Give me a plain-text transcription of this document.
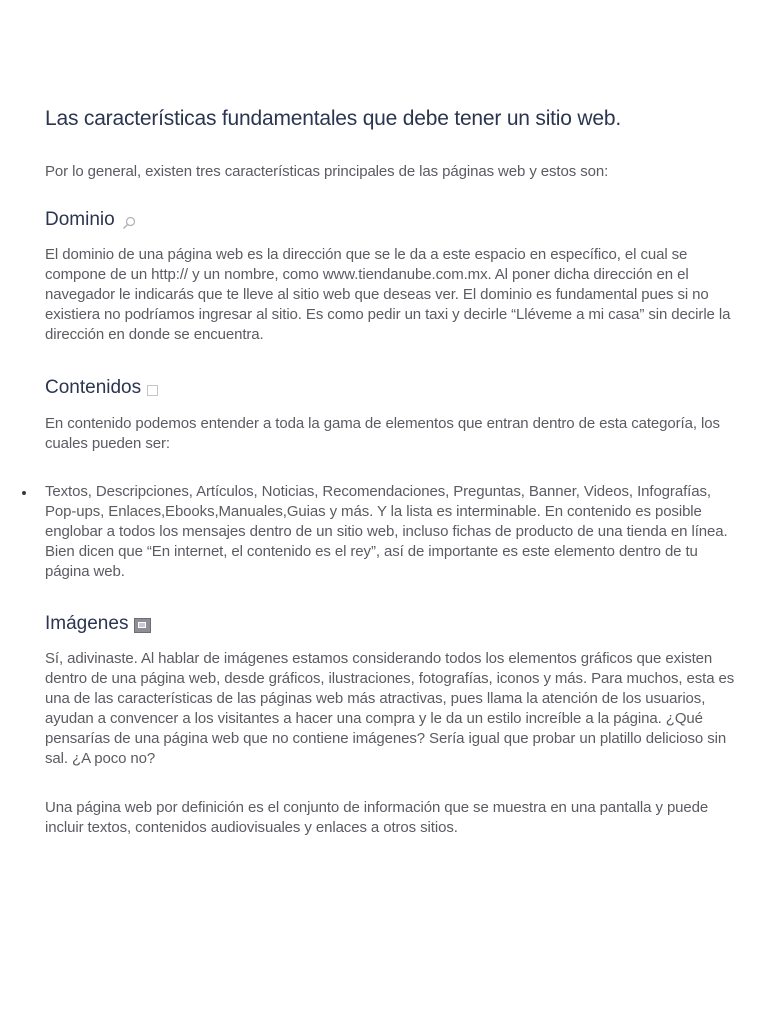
Las características fundamentales que debe tener un sitio web.

Por lo general, existen tres características principales de las páginas web y estos son:

Dominio

El dominio de una página web es la dirección que se le da a este espacio en específico, el cual se compone de un http:// y un nombre, como www.tiendanube.com.mx. Al poner dicha dirección en el navegador le indicarás que te lleve al sitio web que deseas ver. El dominio es fundamental pues si no existiera no podríamos ingresar al sitio. Es como pedir un taxi y decirle “Lléveme a mi casa” sin decirle la dirección en donde se encuentra.

Contenidos

En contenido podemos entender a toda la gama de elementos que entran dentro de esta categoría, los cuales pueden ser:

Textos, Descripciones, Artículos, Noticias, Recomendaciones, Preguntas, Banner, Videos, Infografías, Pop-ups, Enlaces,Ebooks,Manuales,Guias y más. Y la lista es interminable. En contenido es posible englobar a todos los mensajes dentro de un sitio web, incluso fichas de producto de una tienda en línea. Bien dicen que “En internet, el contenido es el rey”, así de importante es este elemento dentro de tu página web.

Imágenes

Sí, adivinaste. Al hablar de imágenes estamos considerando todos los elementos gráficos que existen dentro de una página web, desde gráficos, ilustraciones, fotografías, iconos y más. Para muchos, esta es una de las características de las páginas web más atractivas, pues llama la atención de los usuarios, ayudan a convencer a los visitantes a hacer una compra y le da un estilo increíble a la página. ¿Qué pensarías de una página web que no contiene imágenes? Sería igual que probar un platillo delicioso sin sal. ¿A poco no?

Una página web por definición es el conjunto de información que se muestra en una pantalla y puede incluir textos, contenidos audiovisuales y enlaces a otros sitios.
